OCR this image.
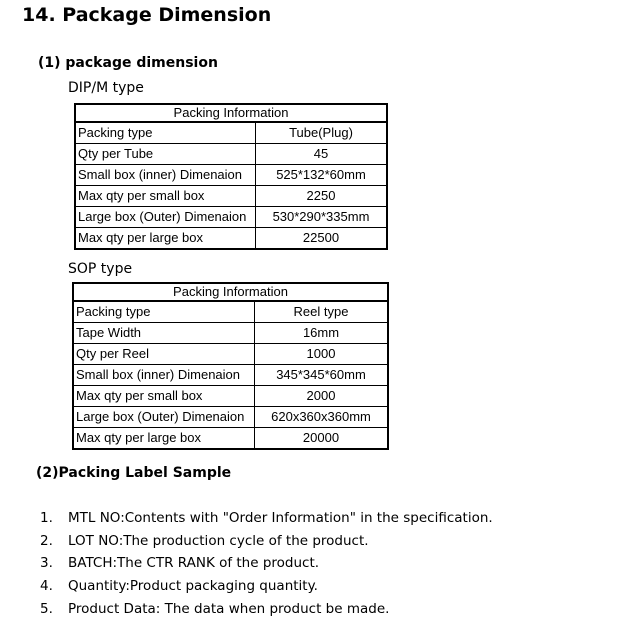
14. Package Dimension
(1) package dimension
DIP/M type
Packing Information	
Packing type	Tube(Plug)
Qty per Tube	45
Small box (inner) Dimenaion	525*132*60mm
Max qty per small box	2250
Large box (Outer) Dimenaion	530*290*335mm
Max qty per large box	22500
SOP type
Packing Information	
Packing type	Reel type
Tape Width	16mm
Qty per Reel	1000
Small box (inner) Dimenaion	345*345*60mm
Max qty per small box	2000
Large box (Outer) Dimenaion	620x360x360mm
Max qty per large box	20000
(2)Packing Label Sample
1. MTL NO:Contents with "Order Information" in the specification.
2. LOT NO:The production cycle of the product.
3. BATCH:The CTR RANK of the product.
4. Quantity:Product packaging quantity.
5. Product Data: The data when product be made.
